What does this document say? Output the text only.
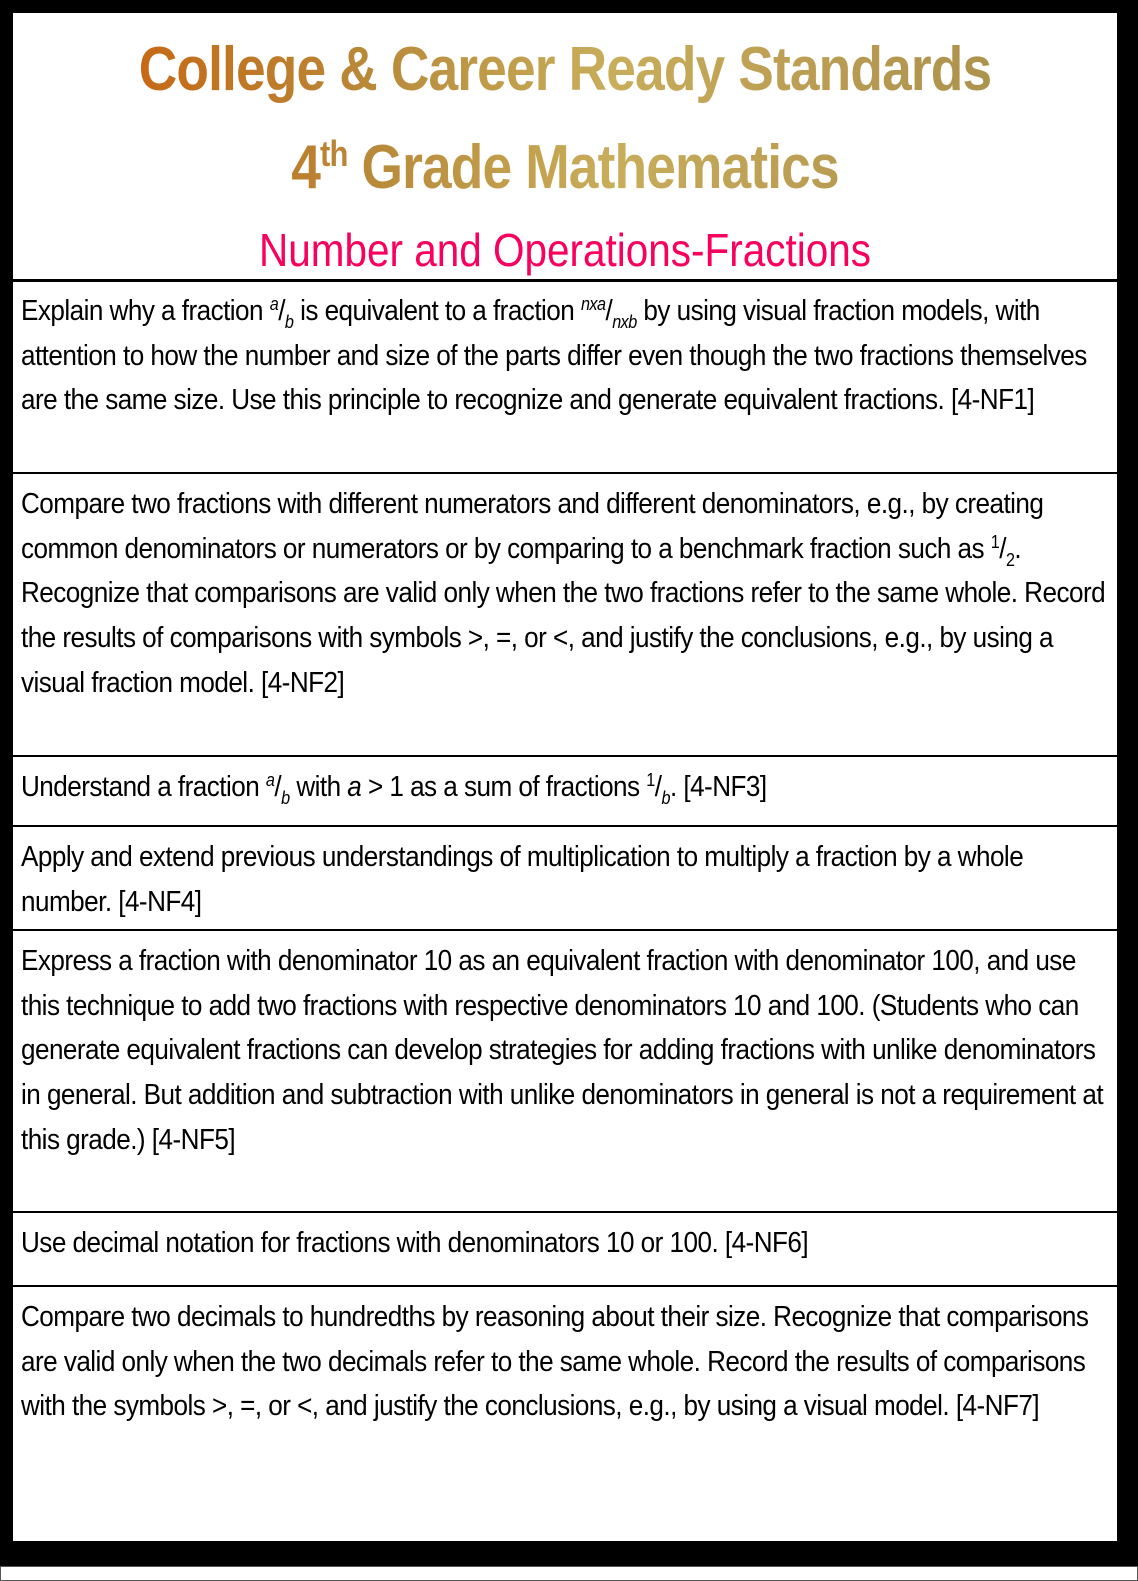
College & Career Ready Standards
4th Grade Mathematics
Number and Operations-Fractions

Explain why a fraction $^a/_b$ is equivalent to a fraction $^{nxa}/_{nxb}$ by using visual fraction models, with attention to how the number and size of the parts differ even though the two fractions themselves are the same size. Use this principle to recognize and generate equivalent fractions. [4-NF1]

Compare two fractions with different numerators and different denominators, e.g., by creating common denominators or numerators or by comparing to a benchmark fraction such as $^1/_2$. Recognize that comparisons are valid only when the two fractions refer to the same whole. Record the results of comparisons with symbols >, =, or <, and justify the conclusions, e.g., by using a visual fraction model. [4-NF2]

Understand a fraction $^a/_b$ with a > 1 as a sum of fractions $^1/_b$. [4-NF3]

Apply and extend previous understandings of multiplication to multiply a fraction by a whole number. [4-NF4]

Express a fraction with denominator 10 as an equivalent fraction with denominator 100, and use this technique to add two fractions with respective denominators 10 and 100. (Students who can generate equivalent fractions can develop strategies for adding fractions with unlike denominators in general. But addition and subtraction with unlike denominators in general is not a requirement at this grade.) [4-NF5]

Use decimal notation for fractions with denominators 10 or 100. [4-NF6]

Compare two decimals to hundredths by reasoning about their size. Recognize that comparisons are valid only when the two decimals refer to the same whole. Record the results of comparisons with the symbols >, =, or <, and justify the conclusions, e.g., by using a visual model. [4-NF7]
